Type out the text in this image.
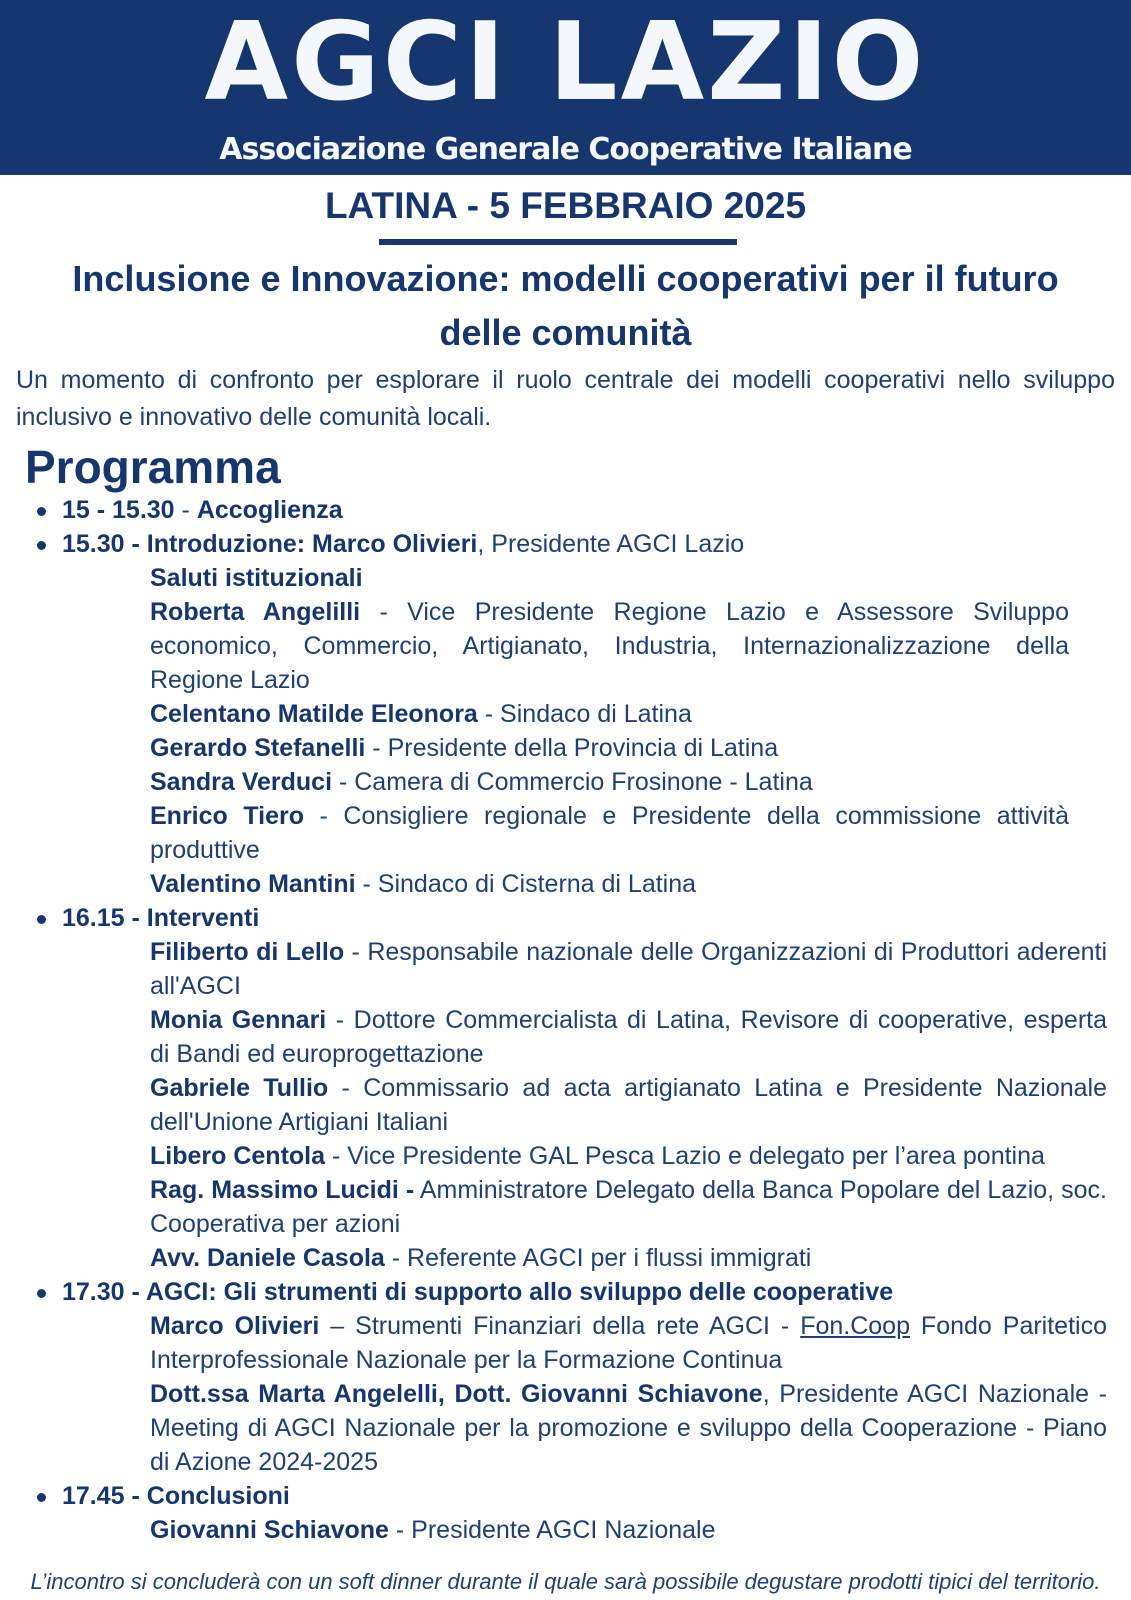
AGCI LAZIO
Associazione Generale Cooperative Italiane
LATINA - 5 FEBBRAIO 2025
Inclusione e Innovazione: modelli cooperativi per il futuro delle comunità
Un momento di confronto per esplorare il ruolo centrale dei modelli cooperativi nello sviluppo inclusivo e innovativo delle comunità locali.
Programma
15 - 15.30 - Accoglienza
15.30 - Introduzione: Marco Olivieri, Presidente AGCI Lazio
Saluti istituzionali
Roberta Angelilli - Vice Presidente Regione Lazio e Assessore Sviluppo economico, Commercio, Artigianato, Industria, Internazionalizzazione della Regione Lazio
Celentano Matilde Eleonora - Sindaco di Latina
Gerardo Stefanelli - Presidente della Provincia di Latina
Sandra Verduci - Camera di Commercio Frosinone - Latina
Enrico Tiero - Consigliere regionale e Presidente della commissione attività produttive
Valentino Mantini - Sindaco di Cisterna di Latina
16.15 - Interventi
Filiberto di Lello - Responsabile nazionale delle Organizzazioni di Produttori aderenti all'AGCI
Monia Gennari - Dottore Commercialista di Latina, Revisore di cooperative, esperta di Bandi ed europrogettazione
Gabriele Tullio - Commissario ad acta artigianato Latina e Presidente Nazionale dell'Unione Artigiani Italiani
Libero Centola - Vice Presidente GAL Pesca Lazio e delegato per l’area pontina
Rag. Massimo Lucidi - Amministratore Delegato della Banca Popolare del Lazio, soc. Cooperativa per azioni
Avv. Daniele Casola - Referente AGCI per i flussi immigrati
17.30 - AGCI: Gli strumenti di supporto allo sviluppo delle cooperative
Marco Olivieri – Strumenti Finanziari della rete AGCI - Fon.Coop Fondo Paritetico Interprofessionale Nazionale per la Formazione Continua
Dott.ssa Marta Angelelli, Dott. Giovanni Schiavone, Presidente AGCI Nazionale - Meeting di AGCI Nazionale per la promozione e sviluppo della Cooperazione - Piano di Azione 2024-2025
17.45 - Conclusioni
Giovanni Schiavone - Presidente AGCI Nazionale
L’incontro si concluderà con un soft dinner durante il quale sarà possibile degustare prodotti tipici del territorio.
